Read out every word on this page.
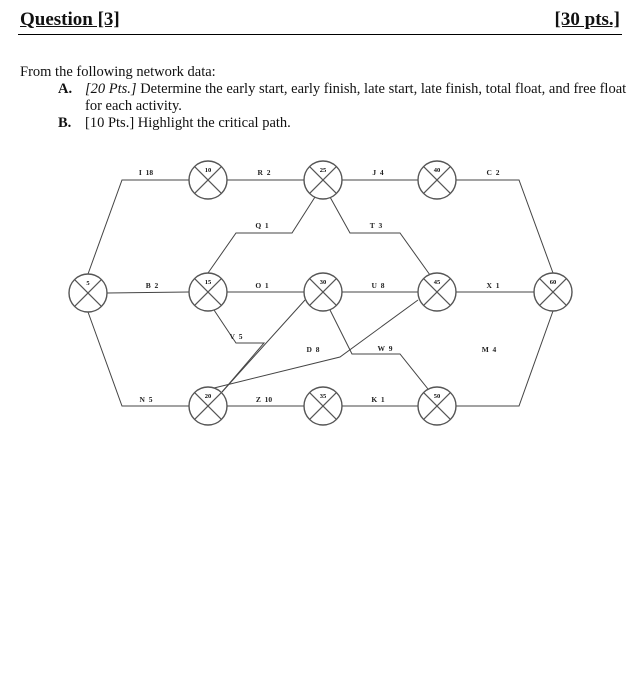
Question [3]	[30 pts.]
From the following network data:
A. [20 Pts.] Determine the early start, early finish, late start, late finish, total float, and free float for each activity.
B. [10 Pts.] Highlight the critical path.
I 18
B 2
N 5
R 2
Q 1
O 1
V 5
Z 10
D 8
J 4
T 3
U 8
W 9
K 1
C 2
X 1
M 4
5
10
15
20
25
30
35
40
45
50
60
